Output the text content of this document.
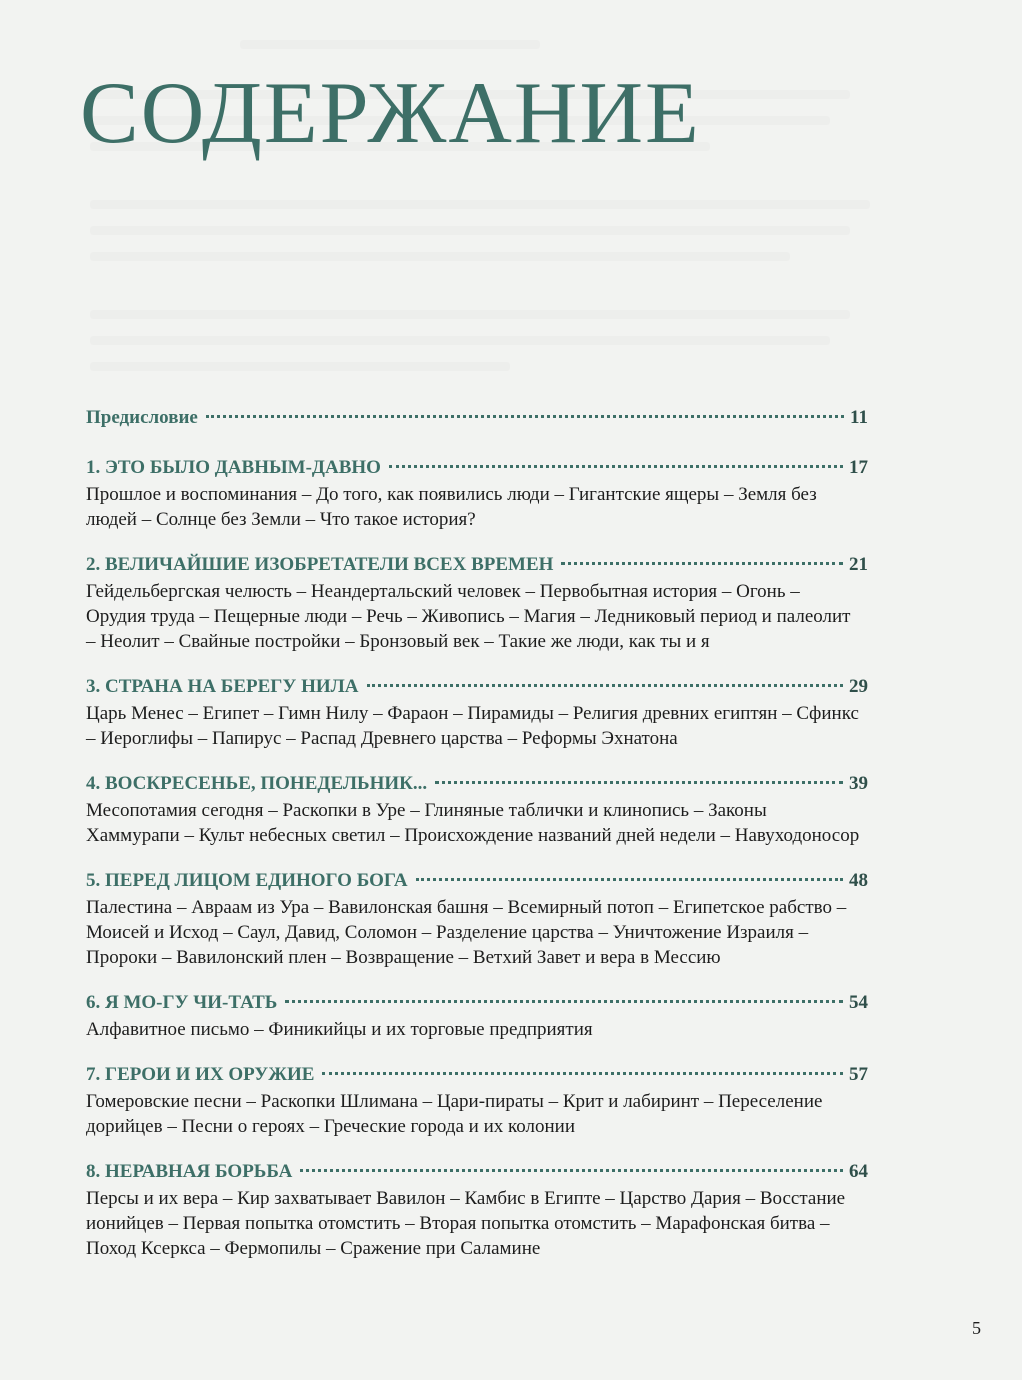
СОДЕРЖАНИЕ
Предисловие	11
1. ЭТО БЫЛО ДАВНЫМ-ДАВНО	17

Прошлое и воспоминания – До того, как появились люди – Гигантские ящеры – Земля без людей – Солнце без Земли – Что такое история?

2. ВЕЛИЧАЙШИЕ ИЗОБРЕТАТЕЛИ ВСЕХ ВРЕМЕН	21

Гейдельбергская челюсть – Неандертальский человек – Первобытная история – Огонь – Орудия труда – Пещерные люди – Речь – Живопись – Магия – Ледниковый период и палеолит – Неолит – Свайные постройки – Бронзовый век – Такие же люди, как ты и я

3. СТРАНА НА БЕРЕГУ НИЛА	29

Царь Менес – Египет – Гимн Нилу – Фараон – Пирамиды – Религия древних египтян – Сфинкс – Иероглифы – Папирус – Распад Древнего царства – Реформы Эхнатона

4. ВОСКРЕСЕНЬЕ, ПОНЕДЕЛЬНИК...	39

Месопотамия сегодня – Раскопки в Уре – Глиняные таблички и клинопись – Законы Хаммурапи – Культ небесных светил – Происхождение названий дней недели – Навуходоносор

5. ПЕРЕД ЛИЦОМ ЕДИНОГО БОГА	48

Палестина – Авраам из Ура – Вавилонская башня – Всемирный потоп – Египетское рабство – Моисей и Исход – Саул, Давид, Соломон – Разделение царства – Уничтожение Израиля – Пророки – Вавилонский плен – Возвращение – Ветхий Завет и вера в Мессию

6. Я МО-ГУ ЧИ-ТАТЬ	54

Алфавитное письмо – Финикийцы и их торговые предприятия

7. ГЕРОИ И ИХ ОРУЖИЕ	57

Гомеровские песни – Раскопки Шлимана – Цари-пираты – Крит и лабиринт – Переселение дорийцев – Песни о героях – Греческие города и их колонии

8. НЕРАВНАЯ БОРЬБА	64

Персы и их вера – Кир захватывает Вавилон – Камбис в Египте – Царство Дария – Восстание ионийцев – Первая попытка отомстить – Вторая попытка отомстить – Марафонская битва – Поход Ксеркса – Фермопилы – Сражение при Саламине

5
